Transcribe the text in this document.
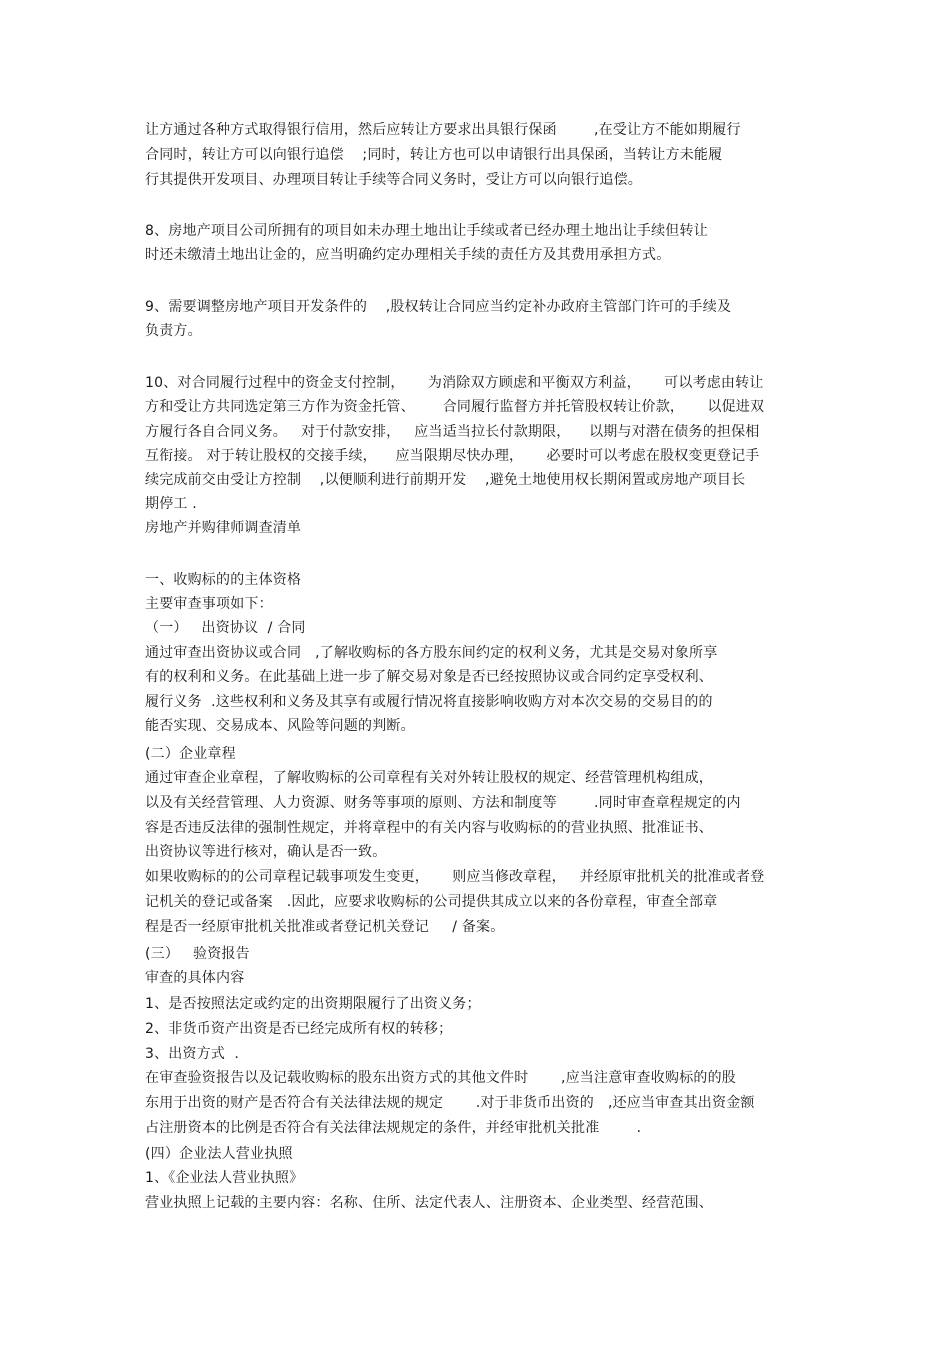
让方通过各种方式取得银行信用，然后应转让方要求出具银行保函        ,在受让方不能如期履行
合同时，转让方可以向银行追偿    ;同时，转让方也可以申请银行出具保函，当转让方未能履
行其提供开发项目、办理项目转让手续等合同义务时，受让方可以向银行追偿。
8、房地产项目公司所拥有的项目如未办理土地出让手续或者已经办理土地出让手续但转让
时还未缴清土地出让金的，应当明确约定办理相关手续的责任方及其费用承担方式。
9、需要调整房地产项目开发条件的    ,股权转让合同应当约定补办政府主管部门许可的手续及
负责方。
10、对合同履行过程中的资金支付控制，     为消除双方顾虑和平衡双方利益，     可以考虑由转让
方和受让方共同选定第三方作为资金托管、      合同履行监督方并托管股权转让价款，     以促进双
方履行各自合同义务。   对于付款安排，   应当适当拉长付款期限，    以期与对潜在债务的担保相
互衔接。 对于转让股权的交接手续，    应当限期尽快办理，     必要时可以考虑在股权变更登记手
续完成前交由受让方控制    ,以便顺利进行前期开发    ,避免土地使用权长期闲置或房地产项目长
期停工 .
房地产并购律师调查清单
一、收购标的的主体资格
主要审查事项如下：
（一）   出资协议  / 合同
通过审查出资协议或合同   ,了解收购标的各方股东间约定的权利义务，尤其是交易对象所享
有的权利和义务。在此基础上进一步了解交易对象是否已经按照协议或合同约定享受权利、
履行义务  .这些权利和义务及其享有或履行情况将直接影响收购方对本次交易的交易目的的
能否实现、交易成本、风险等问题的判断。
(二）企业章程
通过审查企业章程，了解收购标的公司章程有关对外转让股权的规定、经营管理机构组成，
以及有关经营管理、人力资源、财务等事项的原则、方法和制度等        .同时审查章程规定的内
容是否违反法律的强制性规定，并将章程中的有关内容与收购标的的营业执照、批准证书、
出资协议等进行核对，确认是否一致。
如果收购标的的公司章程记载事项发生变更，     则应当修改章程，   并经原审批机关的批准或者登
记机关的登记或备案   .因此，应要求收购标的公司提供其成立以来的各份章程，审查全部章
程是否一经原审批机关批准或者登记机关登记     / 备案。
(三）   验资报告
审查的具体内容
1、是否按照法定或约定的出资期限履行了出资义务；
2、非货币资产出资是否已经完成所有权的转移；
3、出资方式  .
在审查验资报告以及记载收购标的股东出资方式的其他文件时       ,应当注意审查收购标的的股
东用于出资的财产是否符合有关法律法规的规定       .对于非货币出资的   ,还应当审查其出资金额
占注册资本的比例是否符合有关法律法规规定的条件，并经审批机关批准        .
(四）企业法人营业执照
1、《企业法人营业执照》
营业执照上记载的主要内容：名称、住所、法定代表人、注册资本、企业类型、经营范围、
